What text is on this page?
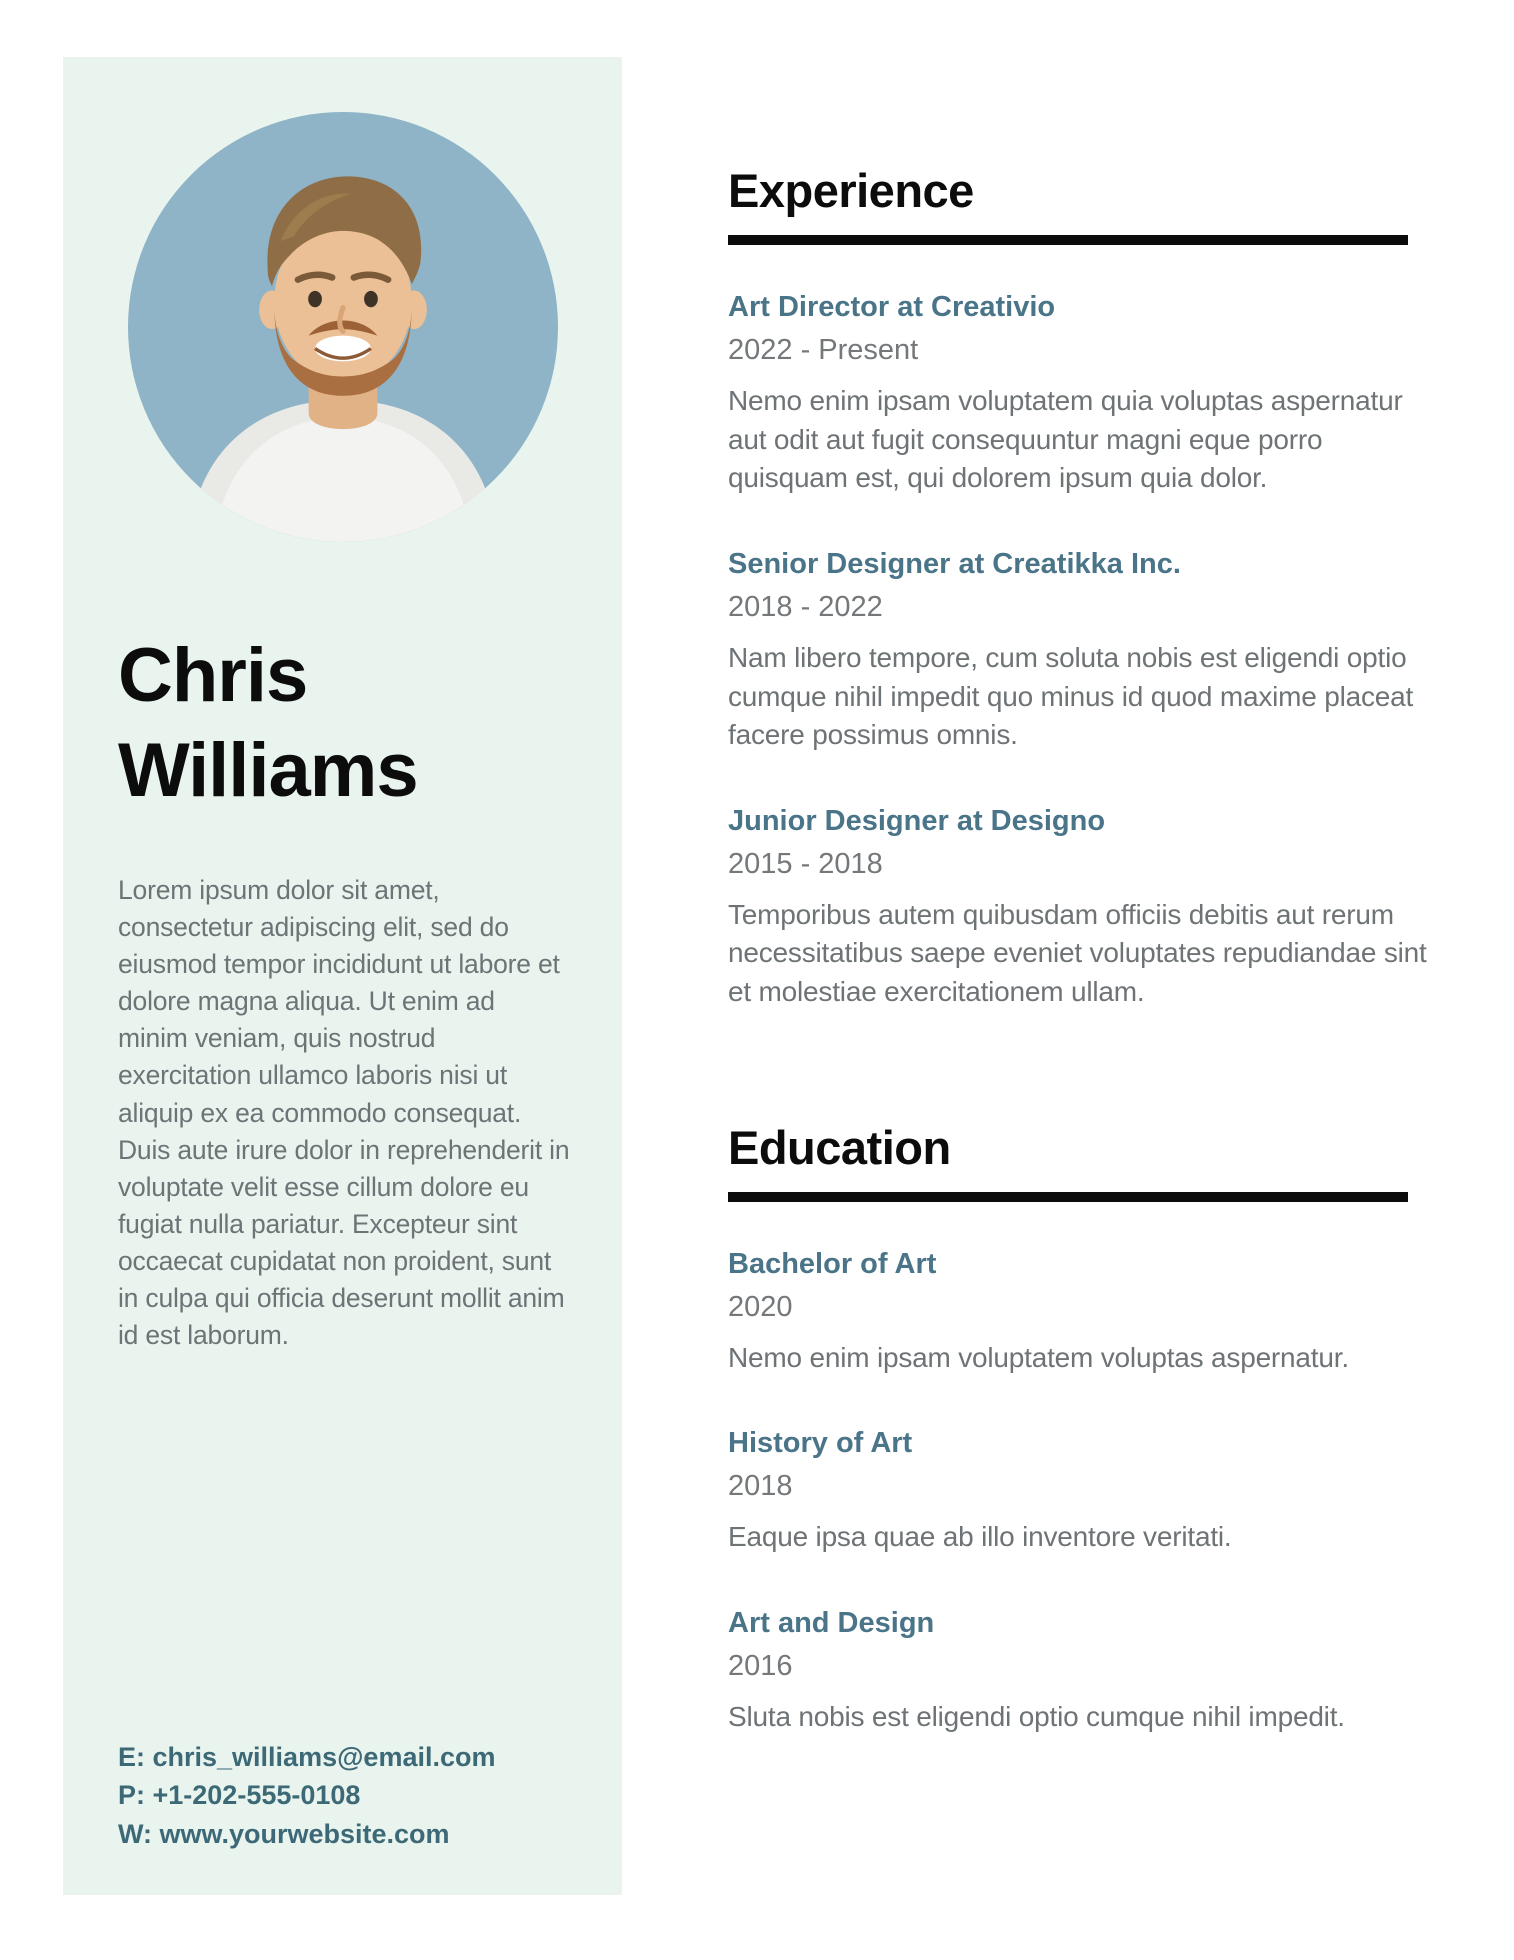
Chris
Williams

Lorem ipsum dolor sit amet, consectetur adipiscing elit, sed do eiusmod tempor incididunt ut labore et dolore magna aliqua. Ut enim ad minim veniam, quis nostrud exercitation ullamco laboris nisi ut aliquip ex ea commodo consequat. Duis aute irure dolor in reprehenderit in voluptate velit esse cillum dolore eu fugiat nulla pariatur. Excepteur sint occaecat cupidatat non proident, sunt in culpa qui officia deserunt mollit anim id est laborum.

E: chris_williams@email.com
P: +1-202-555-0108
W: www.yourwebsite.com
Experience
Art Director at Creativio
2022 - Present

Nemo enim ipsam voluptatem quia voluptas aspernatur aut odit aut fugit consequuntur magni eque porro quisquam est, qui dolorem ipsum quia dolor.

Senior Designer at Creatikka Inc.
2018 - 2022

Nam libero tempore, cum soluta nobis est eligendi optio cumque nihil impedit quo minus id quod maxime placeat facere possimus omnis.

Junior Designer at Designo
2015 - 2018

Temporibus autem quibusdam officiis debitis aut rerum necessitatibus saepe eveniet voluptates repudiandae sint et molestiae exercitationem ullam.

Education
Bachelor of Art
2020

Nemo enim ipsam voluptatem voluptas aspernatur.

History of Art
2018

Eaque ipsa quae ab illo inventore veritati.

Art and Design
2016

Sluta nobis est eligendi optio cumque nihil impedit.
